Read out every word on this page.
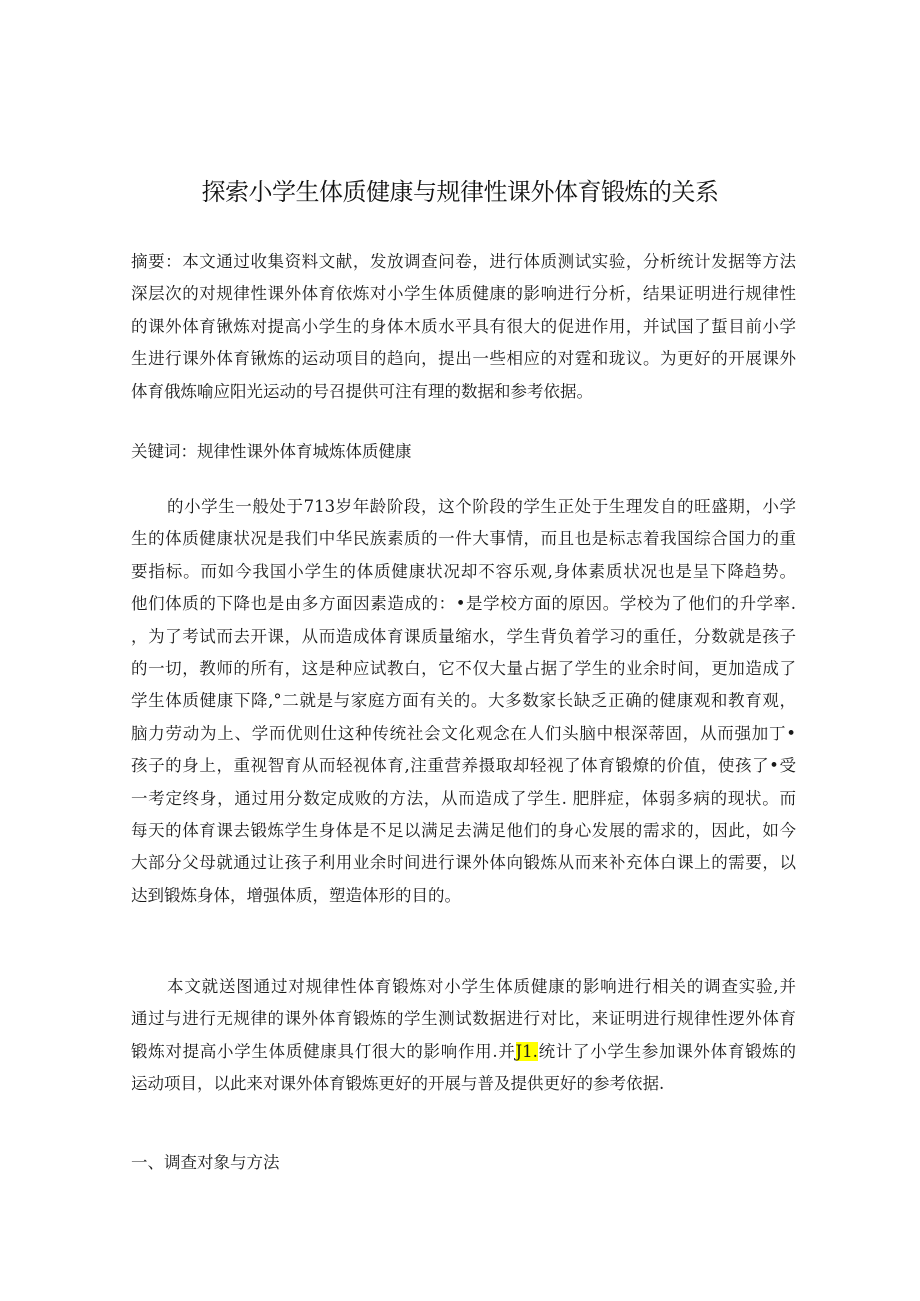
探索小学生体质健康与规律性课外体育锻炼的关系
摘要：本文通过收集资料文献，发放调查问卷，进行体质测试实验，分析统计发据等方法
深层次的对规律性课外体育依炼对小学生体质健康的影响进行分析，结果证明进行规律性
的课外体育锹炼对提高小学生的身体木质水平具有很大的促进作用，并试国了蜇目前小学
生进行课外体育锹炼的运动项目的趋向，提出一些相应的对霆和珑议。为更好的开展课外
体育俄炼喻应阳光运动的号召提供可注有理的数据和参考依据。
关键词：规律性课外体育城炼体质健康
的小学生一般处于713岁年龄阶段，这个阶段的学生正处于生理发自的旺盛期，小学
生的体质健康状况是我们中华民族素质的一件大事情，而且也是标志着我国综合国力的重
要指标。而如今我国小学生的体质健康状况却不容乐观,身体素质状况也是呈下降趋势。
他们体质的下降也是由多方面因素造成的：•是学校方面的原因。学校为了他们的升学率.
，为了考试而去开课，从而造成体育课质量缩水，学生背负着学习的重任，分数就是孩子
的一切，教师的所有，这是种应试教白，它不仅大量占据了学生的业余时间，更加造成了
学生体质健康下降,°二就是与家庭方面有关的。大多数家长缺乏正确的健康观和教育观，
脑力劳动为上、学而优则仕这种传统社会文化观念在人们头脑中根深蒂固，从而强加丁•
孩子的身上，重视智育从而轻视体育,注重营养摄取却轻视了体育锻燎的价值，使孩了•受
一考定终身，通过用分数定成败的方法，从而造成了学生. 肥胖症，体弱多病的现状。而
每天的体育课去锻炼学生身体是不足以满足去满足他们的身心发展的需求的，因此，如今
大部分父母就通过让孩子利用业余时间进行课外体向锻炼从而来补充体白课上的需要，以
达到锻炼身体，增强体质，塑造体形的目的。
本文就送图通过对规律性体育锻炼对小学生体质健康的影响进行相关的调查实验,并
通过与进行无规律的课外体育锻炼的学生测试数据进行对比，来证明进行规律性逻外体育
锻炼对提高小学生体质健康具仃很大的影响作用.并J1.统计了小学生参加课外体育锻炼的
运动项目，以此来对课外体育锻炼更好的开展与普及提供更好的参考依据.
一、调查对象与方法
